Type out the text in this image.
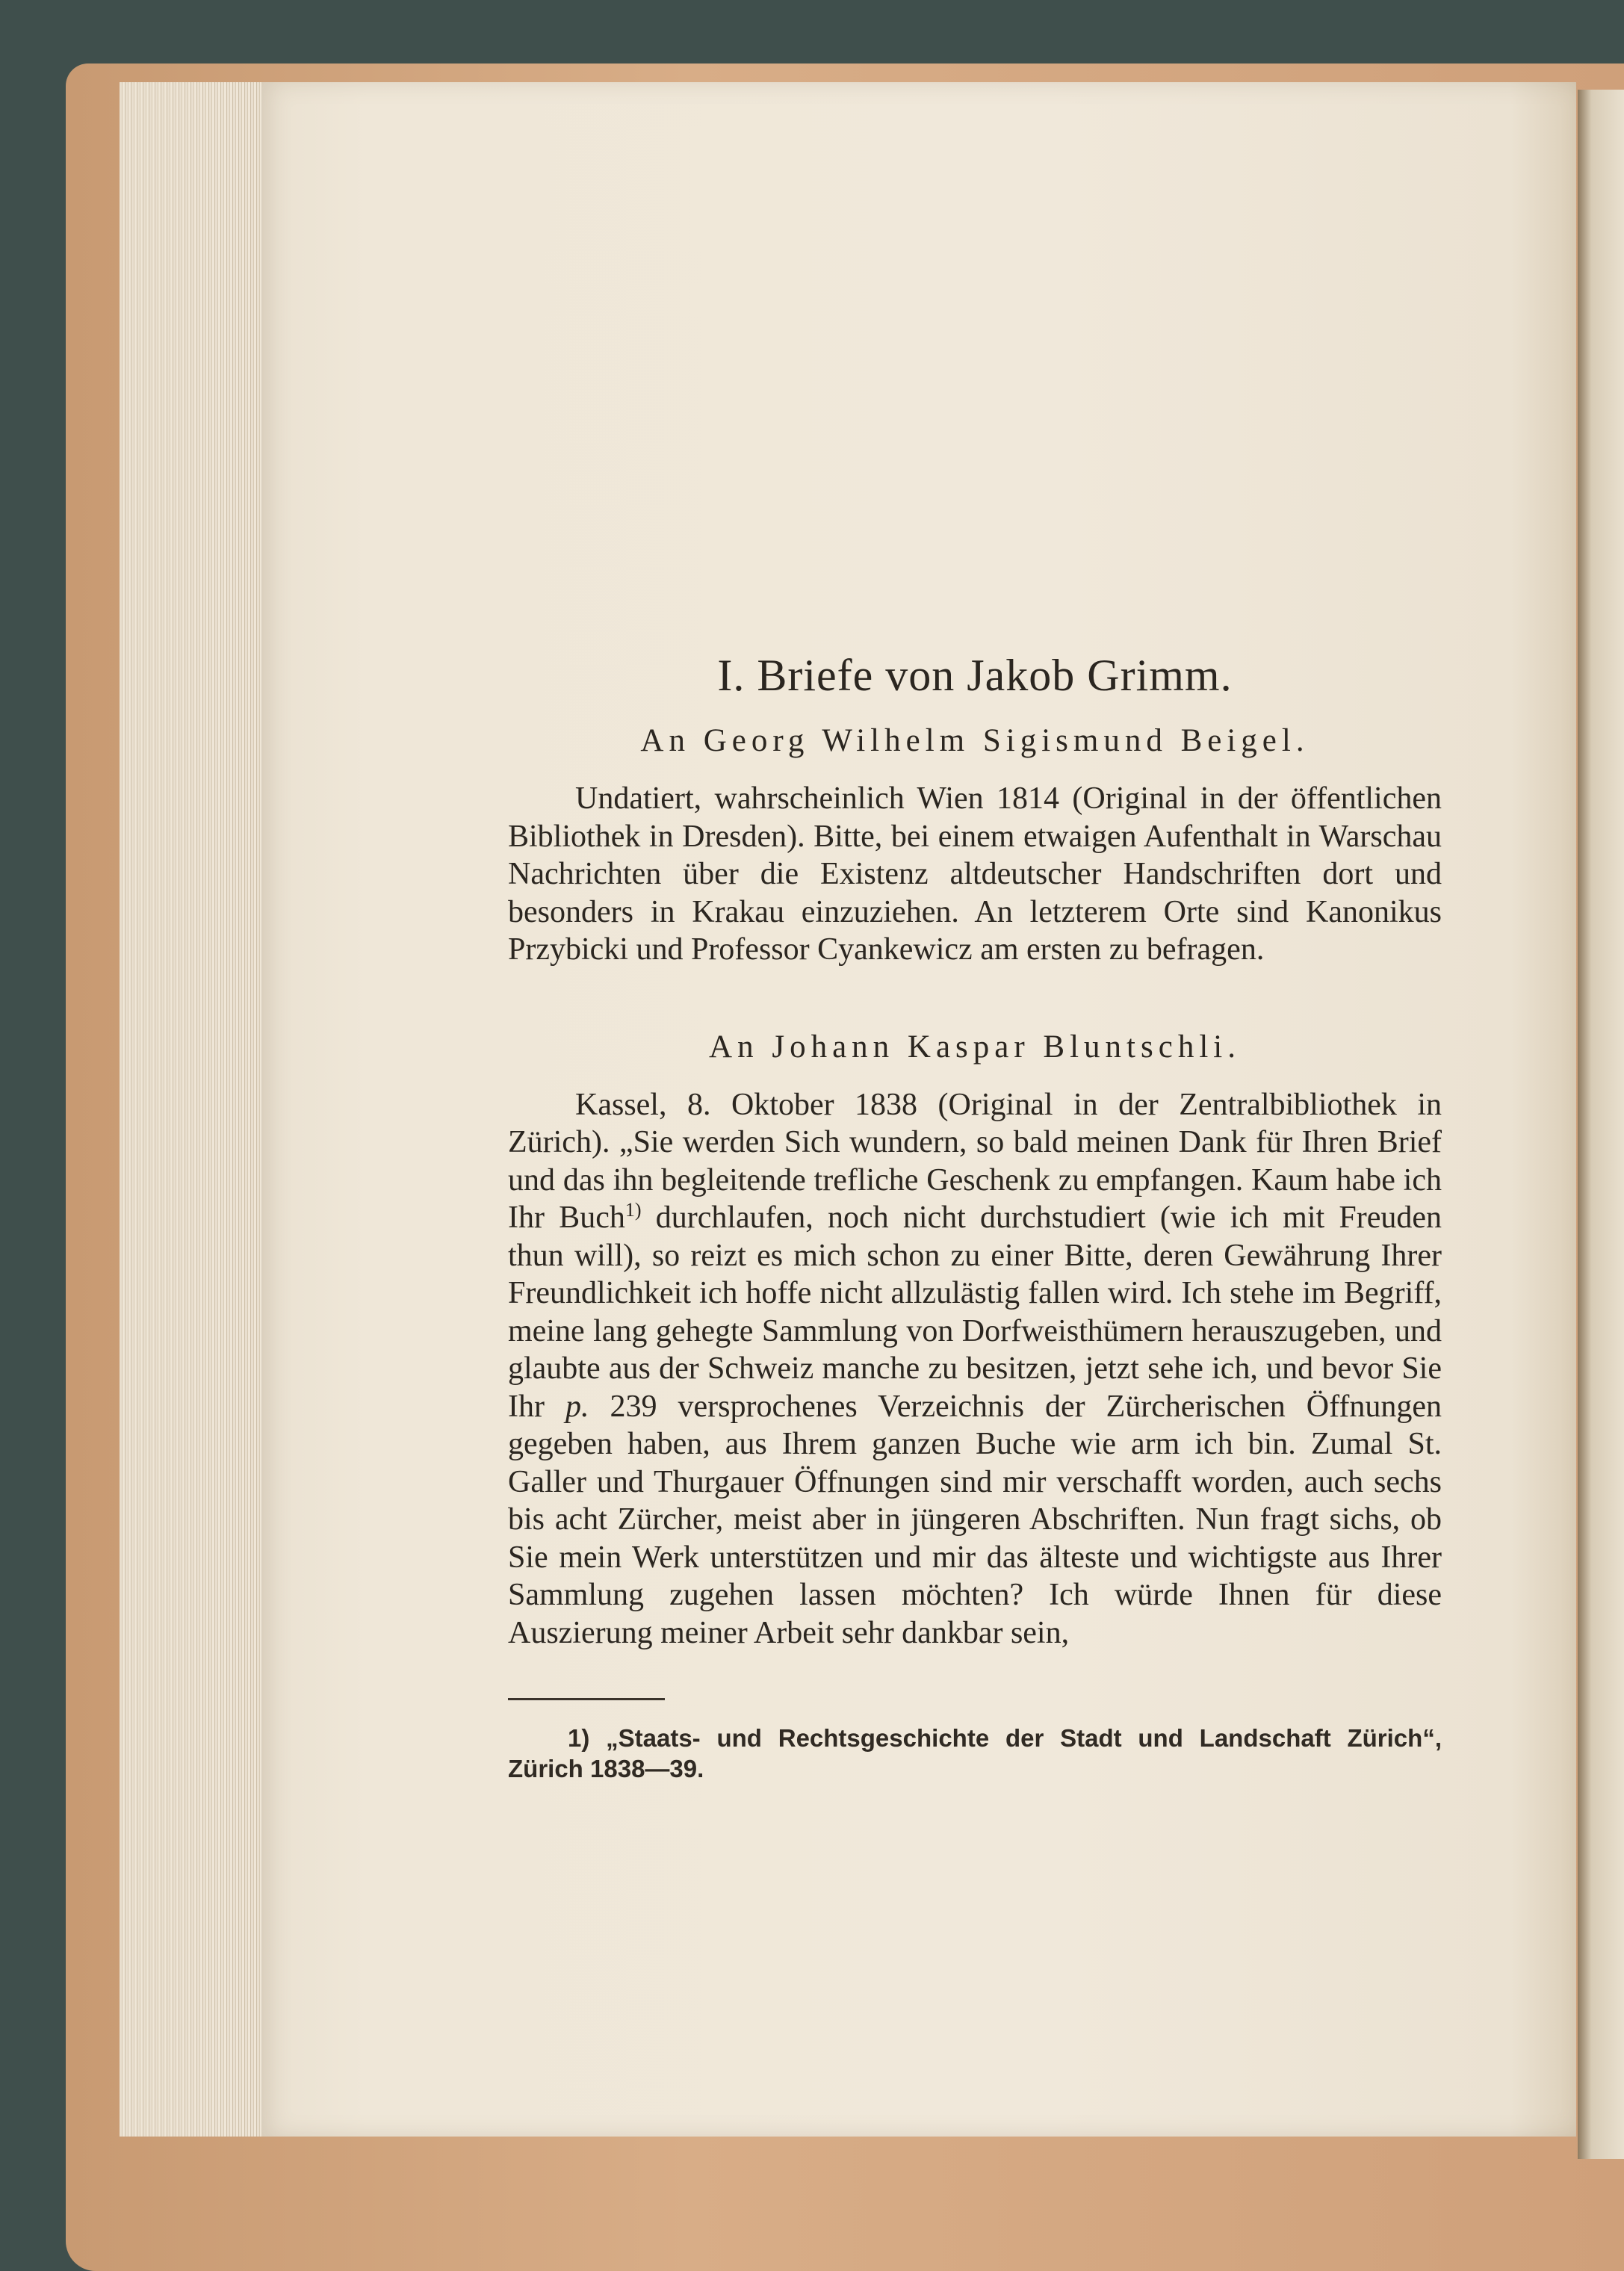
I. Briefe von Jakob Grimm.
An Georg Wilhelm Sigismund Beigel.

Undatiert, wahrscheinlich Wien 1814 (Original in der öffentlichen Bibliothek in Dresden). Bitte, bei einem etwaigen Aufenthalt in Warschau Nachrichten über die Existenz altdeutscher Handschriften dort und besonders in Krakau einzuziehen. An letzterem Orte sind Kanonikus Przybicki und Professor Cyankewicz am ersten zu befragen.

An Johann Kaspar Bluntschli.

Kassel, 8. Oktober 1838 (Original in der Zentralbibliothek in Zürich). „Sie werden Sich wundern, so bald meinen Dank für Ihren Brief und das ihn begleitende trefliche Geschenk zu empfangen. Kaum habe ich Ihr Buch$^{1)}$ durchlaufen, noch nicht durchstudiert (wie ich mit Freuden thun will), so reizt es mich schon zu einer Bitte, deren Gewährung Ihrer Freundlichkeit ich hoffe nicht allzulästig fallen wird. Ich stehe im Begriff, meine lang gehegte Sammlung von Dorfweisthümern herauszugeben, und glaubte aus der Schweiz manche zu besitzen, jetzt sehe ich, und bevor Sie Ihr p. 239 versprochenes Verzeichnis der Zürcherischen Öffnungen gegeben haben, aus Ihrem ganzen Buche wie arm ich bin. Zumal St. Galler und Thurgauer Öffnungen sind mir verschafft worden, auch sechs bis acht Zürcher, meist aber in jüngeren Abschriften. Nun fragt sichs, ob Sie mein Werk unterstützen und mir das älteste und wichtigste aus Ihrer Sammlung zugehen lassen möchten? Ich würde Ihnen für diese Auszierung meiner Arbeit sehr dankbar sein,

1) „Staats- und Rechtsgeschichte der Stadt und Landschaft Zürich“, Zürich 1838—39.
